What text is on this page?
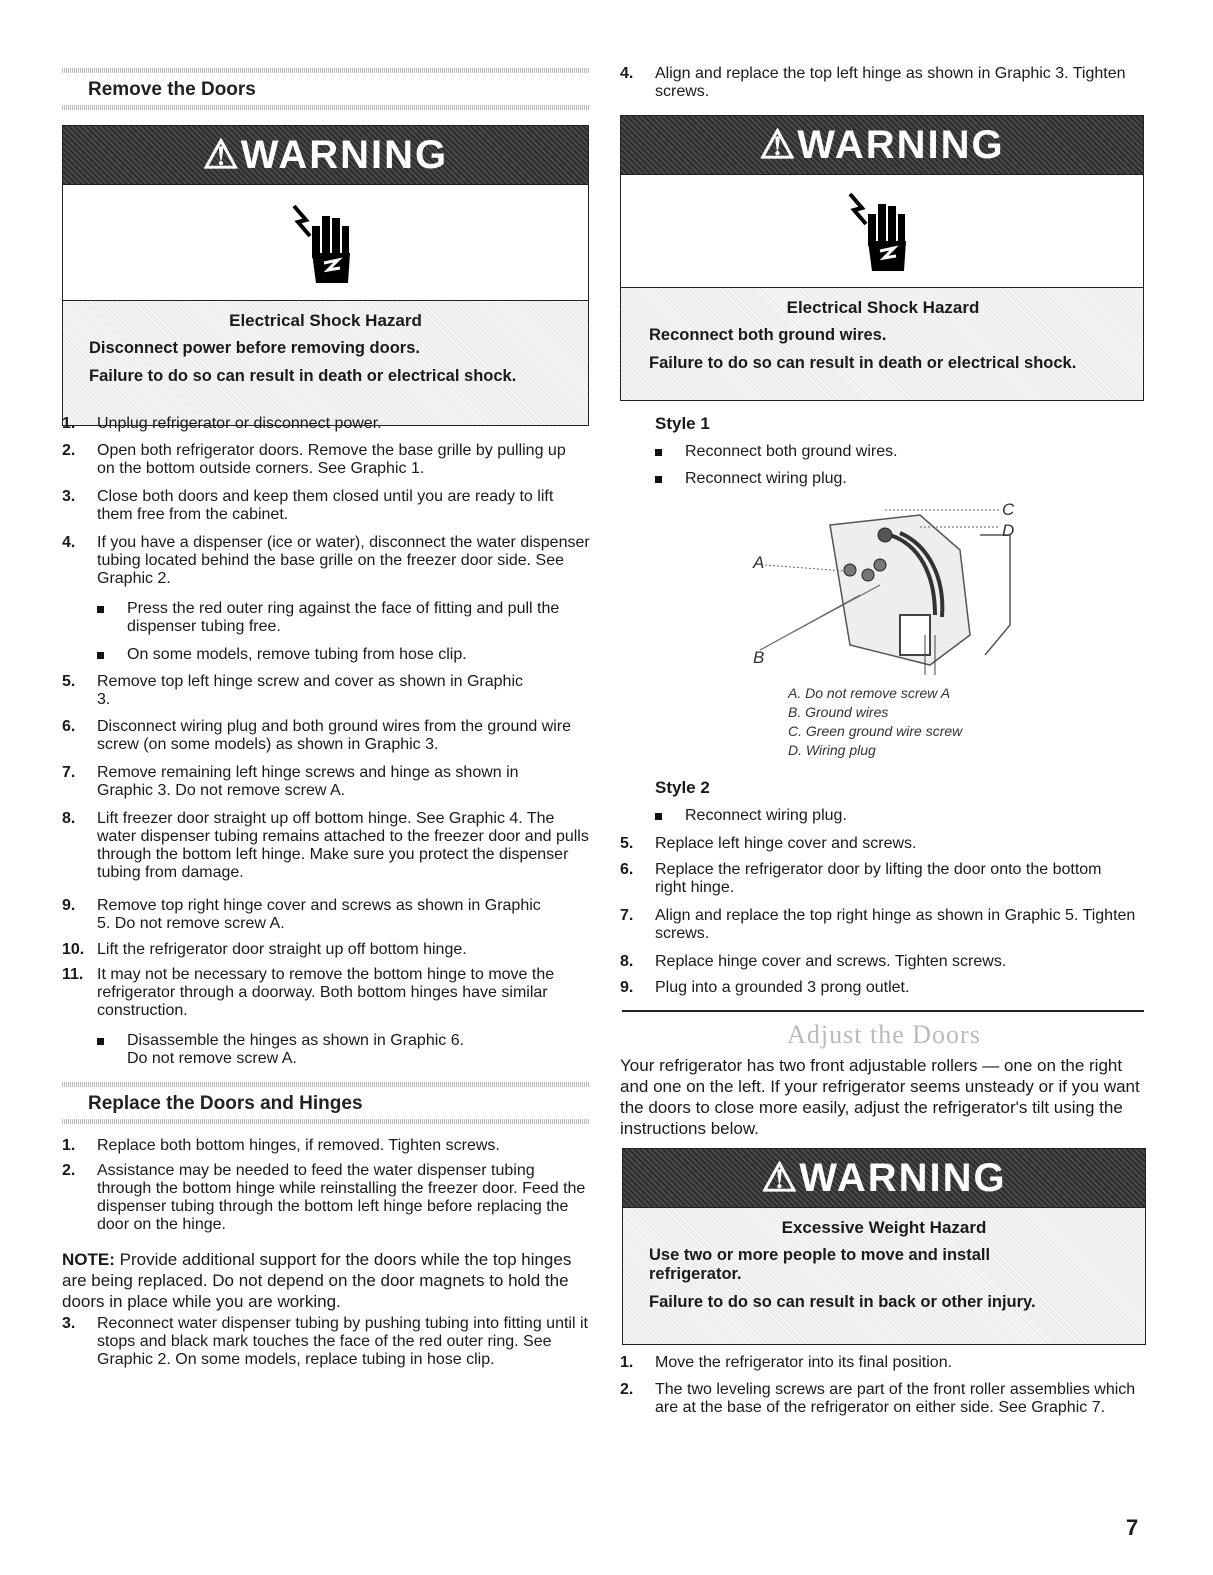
Remove the Doors
⚠WARNING
Electrical Shock Hazard

Disconnect power before removing doors.

Failure to do so can result in death or electrical shock.

1. Unplug refrigerator or disconnect power.
2. Open both refrigerator doors. Remove the base grille by pulling up on the bottom outside corners. See Graphic 1.
3. Close both doors and keep them closed until you are ready to lift them free from the cabinet.
4. If you have a dispenser (ice or water), disconnect the water dispenser tubing located behind the base grille on the freezer door side. See Graphic 2.
Press the red outer ring against the face of fitting and pull the dispenser tubing free.
On some models, remove tubing from hose clip.
5. Remove top left hinge screw and cover as shown in Graphic 3.
6. Disconnect wiring plug and both ground wires from the ground wire screw (on some models) as shown in Graphic 3.
7. Remove remaining left hinge screws and hinge as shown in Graphic 3. Do not remove screw A.
8. Lift freezer door straight up off bottom hinge. See Graphic 4. The water dispenser tubing remains attached to the freezer door and pulls through the bottom left hinge. Make sure you protect the dispenser tubing from damage.
9. Remove top right hinge cover and screws as shown in Graphic 5. Do not remove screw A.
10. Lift the refrigerator door straight up off bottom hinge.
11. It may not be necessary to remove the bottom hinge to move the refrigerator through a doorway. Both bottom hinges have similar construction.
Disassemble the hinges as shown in Graphic 6.
Do not remove screw A.
Replace the Doors and Hinges
1. Replace both bottom hinges, if removed. Tighten screws.
2. Assistance may be needed to feed the water dispenser tubing through the bottom hinge while reinstalling the freezer door. Feed the dispenser tubing through the bottom left hinge before replacing the door on the hinge.
NOTE: Provide additional support for the doors while the top hinges are being replaced. Do not depend on the door magnets to hold the doors in place while you are working.
3. Reconnect water dispenser tubing by pushing tubing into fitting until it stops and black mark touches the face of the red outer ring. See Graphic 2. On some models, replace tubing in hose clip.
4. Align and replace the top left hinge as shown in Graphic 3. Tighten screws.
⚠WARNING
Electrical Shock Hazard

Reconnect both ground wires.

Failure to do so can result in death or electrical shock.

Style 1
Reconnect both ground wires.
Reconnect wiring plug.
A
B
C
D
A. Do not remove screw A
B. Ground wires
C. Green ground wire screw
D. Wiring plug
Style 2
Reconnect wiring plug.
5. Replace left hinge cover and screws.
6. Replace the refrigerator door by lifting the door onto the bottom right hinge.
7. Align and replace the top right hinge as shown in Graphic 5. Tighten screws.
8. Replace hinge cover and screws. Tighten screws.
9. Plug into a grounded 3 prong outlet.
Adjust the Doors
Your refrigerator has two front adjustable rollers — one on the right and one on the left. If your refrigerator seems unsteady or if you want the doors to close more easily, adjust the refrigerator's tilt using the instructions below.
⚠WARNING
Excessive Weight Hazard

Use two or more people to move and install refrigerator.

Failure to do so can result in back or other injury.

1. Move the refrigerator into its final position.
2. The two leveling screws are part of the front roller assemblies which are at the base of the refrigerator on either side. See Graphic 7.
7
